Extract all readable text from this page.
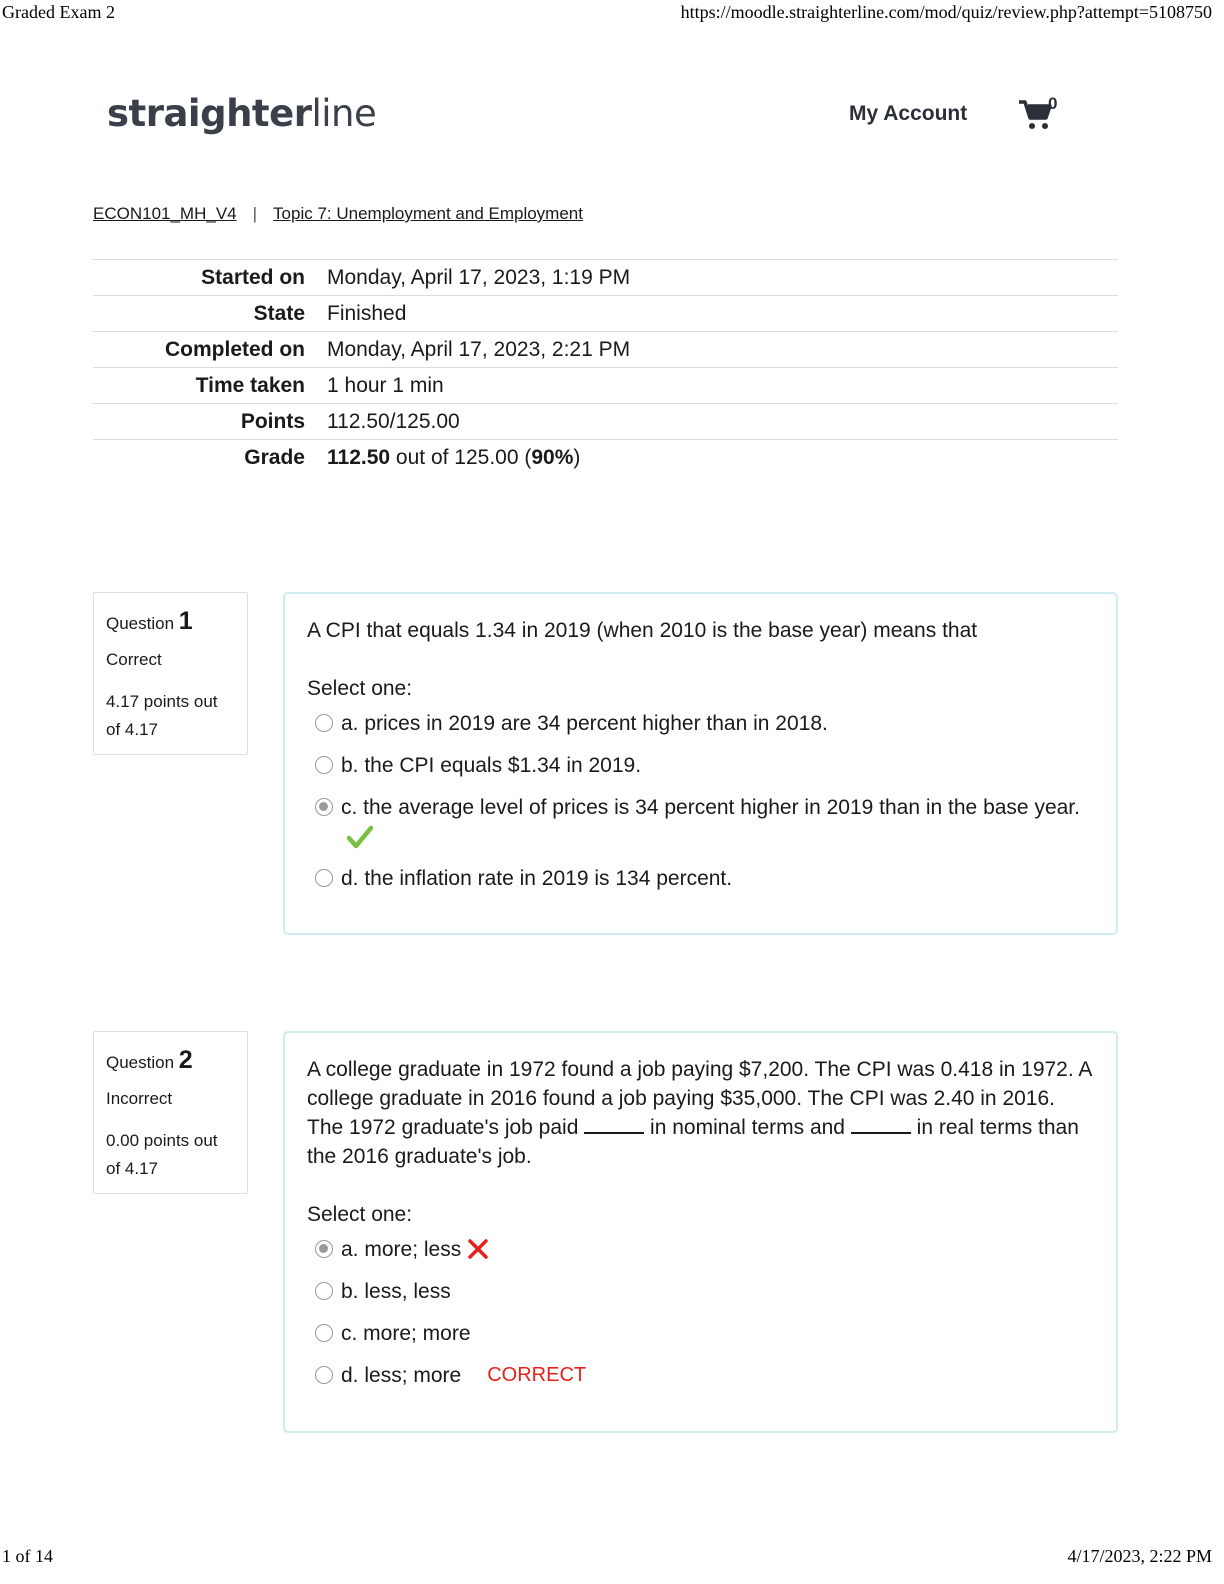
Graded Exam 2	https://moodle.straighterline.com/mod/quiz/review.php?attempt=5108750
straighterline	My Account	0
ECON101_MH_V4 | Topic 7: Unemployment and Employment
Started on	Monday, April 17, 2023, 1:19 PM
State	Finished
Completed on	Monday, April 17, 2023, 2:21 PM
Time taken	1 hour 1 min
Points	112.50/125.00
Grade	112.50 out of 125.00 (90%)
Question 1
Correct
4.17 points out of 4.17
A CPI that equals 1.34 in 2019 (when 2010 is the base year) means that
Select one:
a. prices in 2019 are 34 percent higher than in 2018.
b. the CPI equals $1.34 in 2019.
c. the average level of prices is 34 percent higher in 2019 than in the base year.
d. the inflation rate in 2019 is 134 percent.
Question 2
Incorrect
0.00 points out of 4.17
A college graduate in 1972 found a job paying $7,200. The CPI was 0.418 in 1972. A college graduate in 2016 found a job paying $35,000. The CPI was 2.40 in 2016. The 1972 graduate's job paid	in nominal terms and	in real terms than the 2016 graduate's job.
Select one:
a. more; less
b. less, less
c. more; more
d. less; more CORRECT
1 of 14	4/17/2023, 2:22 PM
